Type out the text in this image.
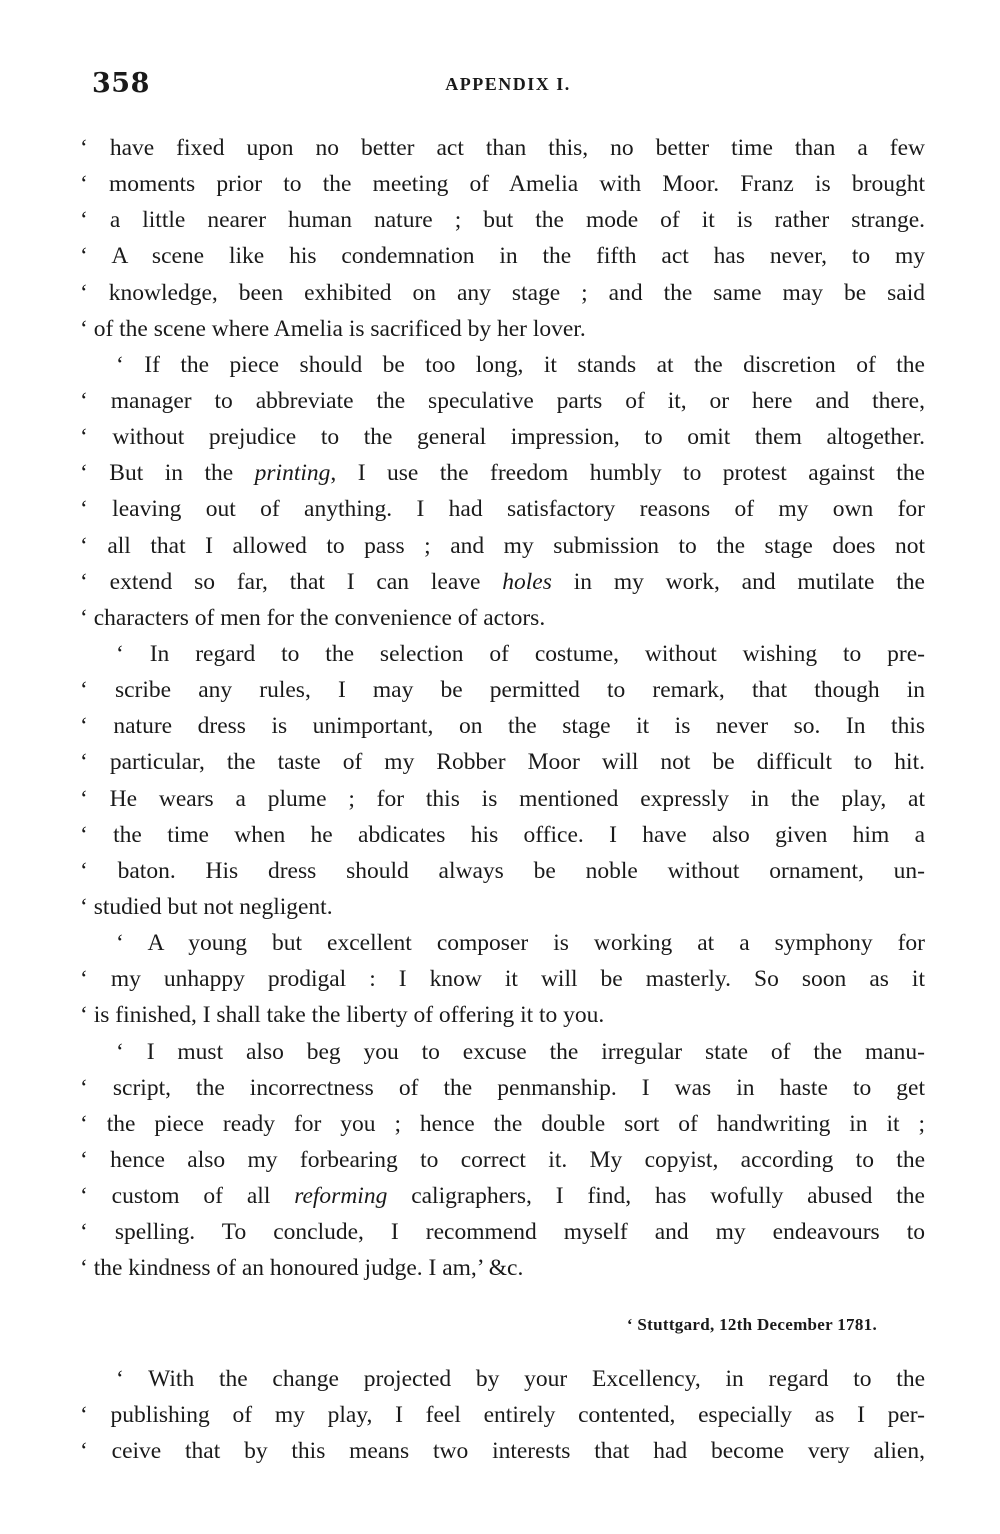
358	APPENDIX I.
‘ have fixed upon no better act than this, no better time than a few
‘ moments prior to the meeting of Amelia with Moor. Franz is brought
‘ a little nearer human nature ; but the mode of it is rather strange.
‘ A scene like his condemnation in the fifth act has never, to my
‘ knowledge, been exhibited on any stage ; and the same may be said
‘ of the scene where Amelia is sacrificed by her lover.
‘ If the piece should be too long, it stands at the discretion of the
‘ manager to abbreviate the speculative parts of it, or here and there,
‘ without prejudice to the general impression, to omit them altogether.
‘ But in the printing, I use the freedom humbly to protest against the
‘ leaving out of anything. I had satisfactory reasons of my own for
‘ all that I allowed to pass ; and my submission to the stage does not
‘ extend so far, that I can leave holes in my work, and mutilate the
‘ characters of men for the convenience of actors.
‘ In regard to the selection of costume, without wishing to pre-
‘ scribe any rules, I may be permitted to remark, that though in
‘ nature dress is unimportant, on the stage it is never so. In this
‘ particular, the taste of my Robber Moor will not be difficult to hit.
‘ He wears a plume ; for this is mentioned expressly in the play, at
‘ the time when he abdicates his office. I have also given him a
‘ baton. His dress should always be noble without ornament, un-
‘ studied but not negligent.
‘ A young but excellent composer is working at a symphony for
‘ my unhappy prodigal : I know it will be masterly. So soon as it
‘ is finished, I shall take the liberty of offering it to you.
‘ I must also beg you to excuse the irregular state of the manu-
‘ script, the incorrectness of the penmanship. I was in haste to get
‘ the piece ready for you ; hence the double sort of handwriting in it ;
‘ hence also my forbearing to correct it. My copyist, according to the
‘ custom of all reforming caligraphers, I find, has wofully abused the
‘ spelling. To conclude, I recommend myself and my endeavours to
‘ the kindness of an honoured judge. I am,’ &c.
‘ Stuttgard, 12th December 1781.
‘ With the change projected by your Excellency, in regard to the
‘ publishing of my play, I feel entirely contented, especially as I per-
‘ ceive that by this means two interests that had become very alien,
